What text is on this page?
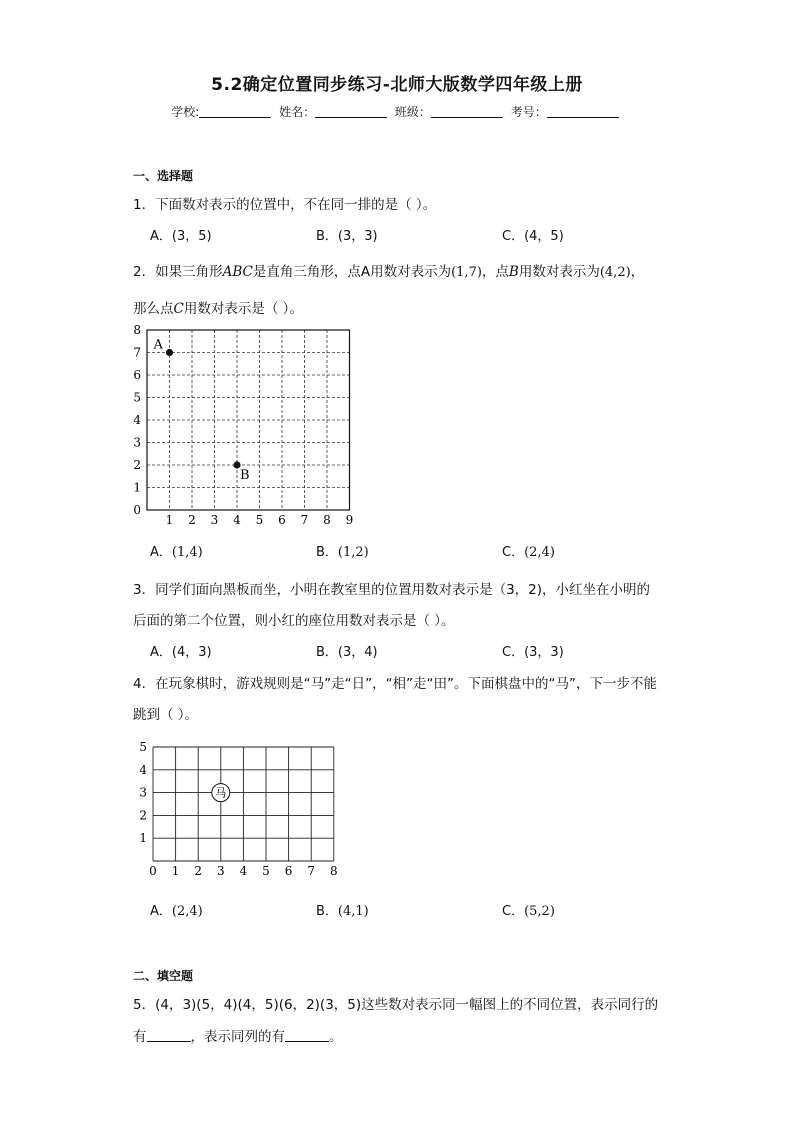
5.2确定位置同步练习-北师大版数学四年级上册
学校:	姓名：	班级：	考号：
一、选择题
1．下面数对表示的位置中，不在同一排的是（ ）。
A．(3，5)	B．(3，3)	C．(4，5)
2．如果三角形ABC是直角三角形，点A用数对表示为(1,7)，点B用数对表示为(4,2)，
那么点C用数对表示是（ ）。
1 2 3 4 5 6 7 8 9
0
1
2
3
4
5
6
7
8
A
B
A．(1,4)	B．(1,2)	C．(2,4)
3．同学们面向黑板而坐，小明在教室里的位置用数对表示是（3，2)，小红坐在小明的
后面的第二个位置，则小红的座位用数对表示是（ ）。
A．(4，3)	B．(3，4)	C．(3，3)
4．在玩象棋时，游戏规则是“马”走“日”，“相”走“田”。下面棋盘中的“马”，下一步不能
跳到（ ）。
0 1 2 3 4 5 6 7 8
1
2
3
4
5
马
A．(2,4)	B．(4,1)	C．(5,2)
二、填空题
5．(4，3)(5，4)(4，5)(6，2)(3，5)这些数对表示同一幅图上的不同位置，表示同行的
有	，表示同列的有	。
